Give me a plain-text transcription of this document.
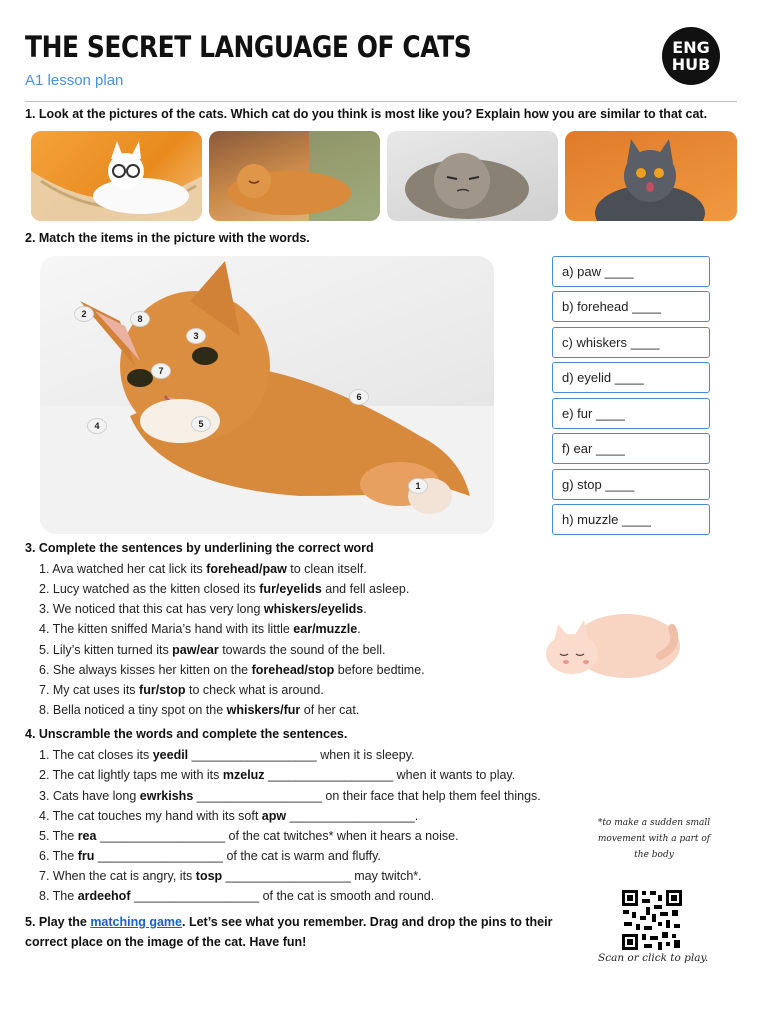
THE SECRET LANGUAGE OF CATS
A1 lesson plan
ENG
HUB
1. Look at the pictures of the cats. Which cat do you think is most like you? Explain how you are similar to that cat.
2. Match the items in the picture with the words.
2	8
3
7
6
4	5
1
a) paw ____
b) forehead ____
c) whiskers ____
d) eyelid ____
e) fur ____
f) ear ____
g) stop ____
h) muzzle ____
3. Complete the sentences by underlining the correct word
1. Ava watched her cat lick its forehead/paw to clean itself.
2. Lucy watched as the kitten closed its fur/eyelids and fell asleep.
3. We noticed that this cat has very long whiskers/eyelids.
4. The kitten sniffed Maria’s hand with its little ear/muzzle.
5. Lily’s kitten turned its paw/ear towards the sound of the bell.
6. She always kisses her kitten on the forehead/stop before bedtime.
7. My cat uses its fur/stop to check what is around.
8. Bella noticed a tiny spot on the whiskers/fur of her cat.
4. Unscramble the words and complete the sentences.
1. The cat closes its yeedil __________________ when it is sleepy.
2. The cat lightly taps me with its mzeluz __________________ when it wants to play.
3. Cats have long ewrkishs __________________ on their face that help them feel things.
4. The cat touches my hand with its soft apw __________________.
5. The rea __________________ of the cat twitches* when it hears a noise.
6. The fru __________________ of the cat is warm and fluffy.
7. When the cat is angry, its tosp __________________ may twitch*.
8. The ardeehof __________________ of the cat is smooth and round.
*to make a sudden small movement with a part of the body
5. Play the matching game. Let’s see what you remember. Drag and drop the pins to their correct place on the image of the cat. Have fun!
Scan or click to play.
